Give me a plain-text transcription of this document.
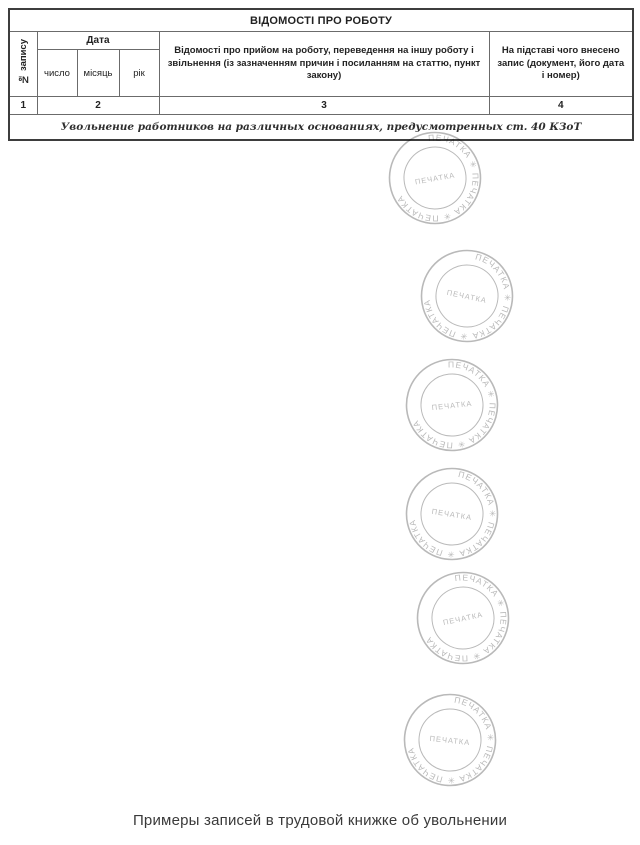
ВІДОМОСТІ ПРО РОБОТУ					
№ запису	Дата			Відомості про прийом на роботу, переведення на іншу роботу і звільнення (із зазначенням причин і посиланням на статтю, пункт закону)	На підставі чого внесено запис (документ, його дата і номер)
	число	місяць	рік		
1	2			3	4
Увольнение работников на различных основаниях, предусмотренных ст. 40 КЗоТ					
ПЕЧАТКА ✳ ПЕЧАТКА ✳ ПЕЧАТКА
ПЕЧАТКА
ПЕЧАТКА ✳ ПЕЧАТКА ✳ ПЕЧАТКА	ПЕЧАТКА
ПЕЧАТКА ✳ ПЕЧАТКА ✳ ПЕЧАТКА
ПЕЧАТКА
ПЕЧАТКА ✳ ПЕЧАТКА ✳ ПЕЧАТКА
ПЕЧАТКА
ПЕЧАТКА ✳ ПЕЧАТКА ✳ ПЕЧАТКА
ПЕЧАТКА
ПЕЧАТКА ✳ ПЕЧАТКА ✳ ПЕЧАТКА
ПЕЧАТКА
Примеры записей в трудовой книжке об увольнении
